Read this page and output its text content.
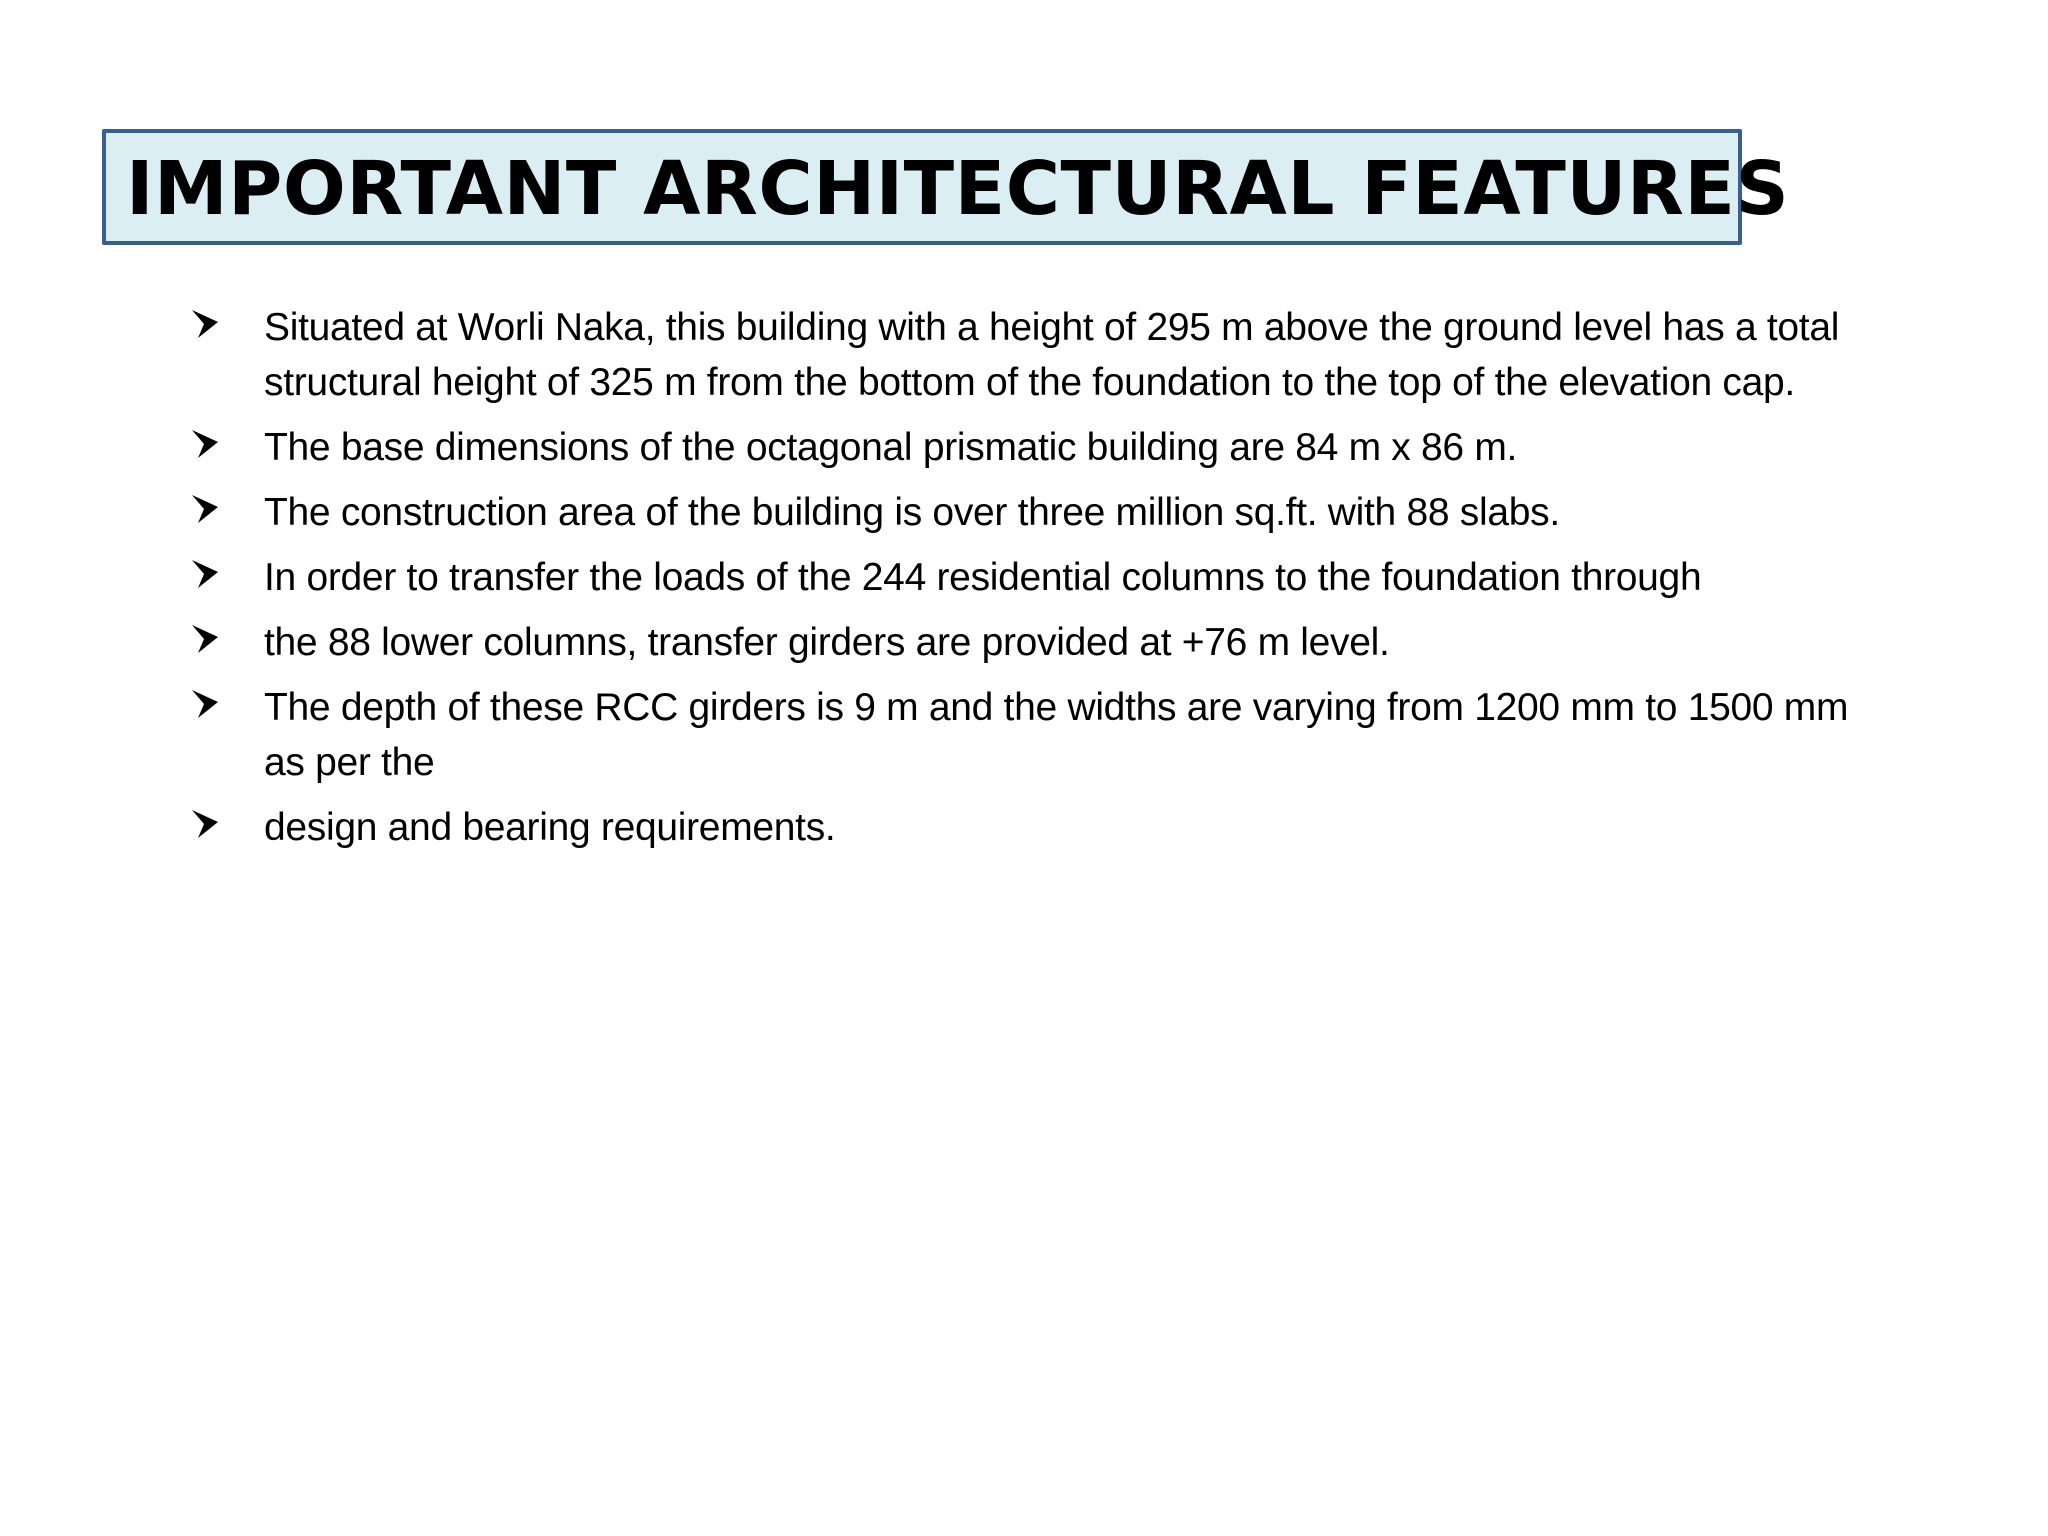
IMPORTANT ARCHITECTURAL FEATURES
Situated at Worli Naka, this building with a height of 295 m above the ground level has a total structural height of 325 m from the bottom of the foundation to the top of the elevation cap.
The base dimensions of the octagonal prismatic building are 84 m x 86 m.
The construction area of the building is over three million sq.ft. with 88 slabs.
In order to transfer the loads of the 244 residential columns to the foundation through
the 88 lower columns, transfer girders are provided at +76 m level.
The depth of these RCC girders is 9 m and the widths are varying from 1200 mm to 1500 mm as per the
design and bearing requirements.
